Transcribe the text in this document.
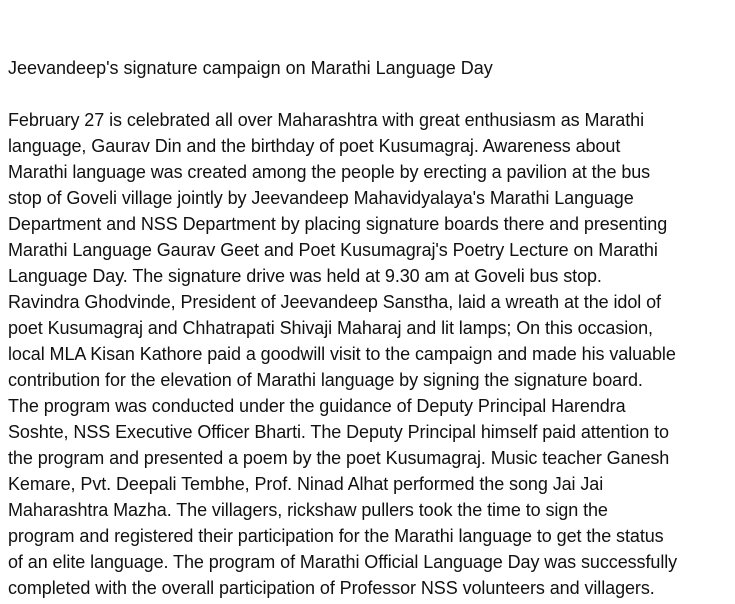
Jeevandeep's signature campaign on Marathi Language Day
February 27 is celebrated all over Maharashtra with great enthusiasm as Marathi
language, Gaurav Din and the birthday of poet Kusumagraj. Awareness about
Marathi language was created among the people by erecting a pavilion at the bus
stop of Goveli village jointly by Jeevandeep Mahavidyalaya's Marathi Language
Department and NSS Department by placing signature boards there and presenting
Marathi Language Gaurav Geet and Poet Kusumagraj's Poetry Lecture on Marathi
Language Day. The signature drive was held at 9.30 am at Goveli bus stop.
Ravindra Ghodvinde, President of Jeevandeep Sanstha, laid a wreath at the idol of
poet Kusumagraj and Chhatrapati Shivaji Maharaj and lit lamps; On this occasion,
local MLA Kisan Kathore paid a goodwill visit to the campaign and made his valuable
contribution for the elevation of Marathi language by signing the signature board.
The program was conducted under the guidance of Deputy Principal Harendra
Soshte, NSS Executive Officer Bharti. The Deputy Principal himself paid attention to
the program and presented a poem by the poet Kusumagraj. Music teacher Ganesh
Kemare, Pvt. Deepali Tembhe, Prof. Ninad Alhat performed the song Jai Jai
Maharashtra Mazha. The villagers, rickshaw pullers took the time to sign the
program and registered their participation for the Marathi language to get the status
of an elite language. The program of Marathi Official Language Day was successfully
completed with the overall participation of Professor NSS volunteers and villagers.
